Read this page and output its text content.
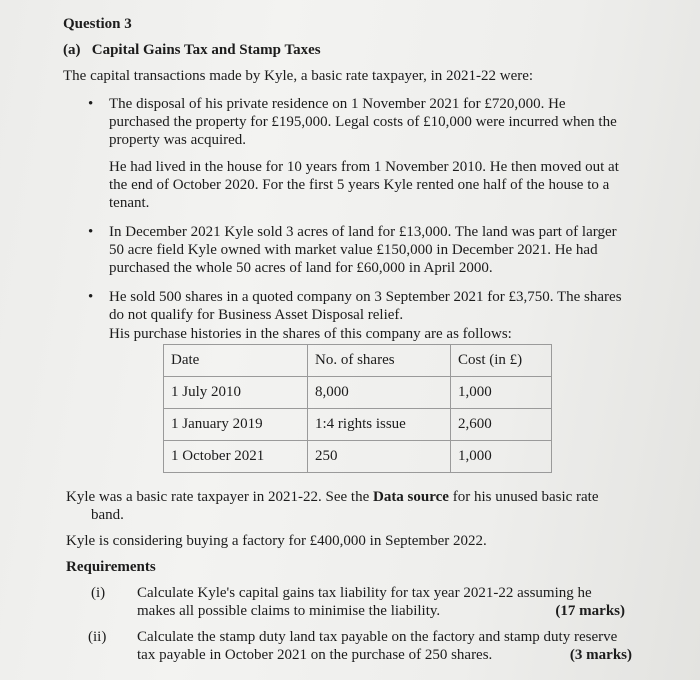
Question 3
(a)   Capital Gains Tax and Stamp Taxes
The capital transactions made by Kyle, a basic rate taxpayer, in 2021-22 were:
• The disposal of his private residence on 1 November 2021 for £720,000. He
purchased the property for £195,000. Legal costs of £10,000 were incurred when the
property was acquired.
He had lived in the house for 10 years from 1 November 2010. He then moved out at
the end of October 2020. For the first 5 years Kyle rented one half of the house to a
tenant.
• In December 2021 Kyle sold 3 acres of land for £13,000. The land was part of larger
50 acre field Kyle owned with market value £150,000 in December 2021. He had
purchased the whole 50 acres of land for £60,000 in April 2000.
• He sold 500 shares in a quoted company on 3 September 2021 for £3,750. The shares
do not qualify for Business Asset Disposal relief.
His purchase histories in the shares of this company are as follows:
Date	No. of shares	Cost (in £)
1 July 2010	8,000	1,000
1 January 2019	1:4 rights issue	2,600
1 October 2021	250	1,000
Kyle was a basic rate taxpayer in 2021-22. See the Data source for his unused basic rate
band.
Kyle is considering buying a factory for £400,000 in September 2022.
Requirements
(i) Calculate Kyle's capital gains tax liability for tax year 2021-22 assuming he
makes all possible claims to minimise the liability.	(17 marks)
(ii) Calculate the stamp duty land tax payable on the factory and stamp duty reserve
tax payable in October 2021 on the purchase of 250 shares.	(3 marks)
